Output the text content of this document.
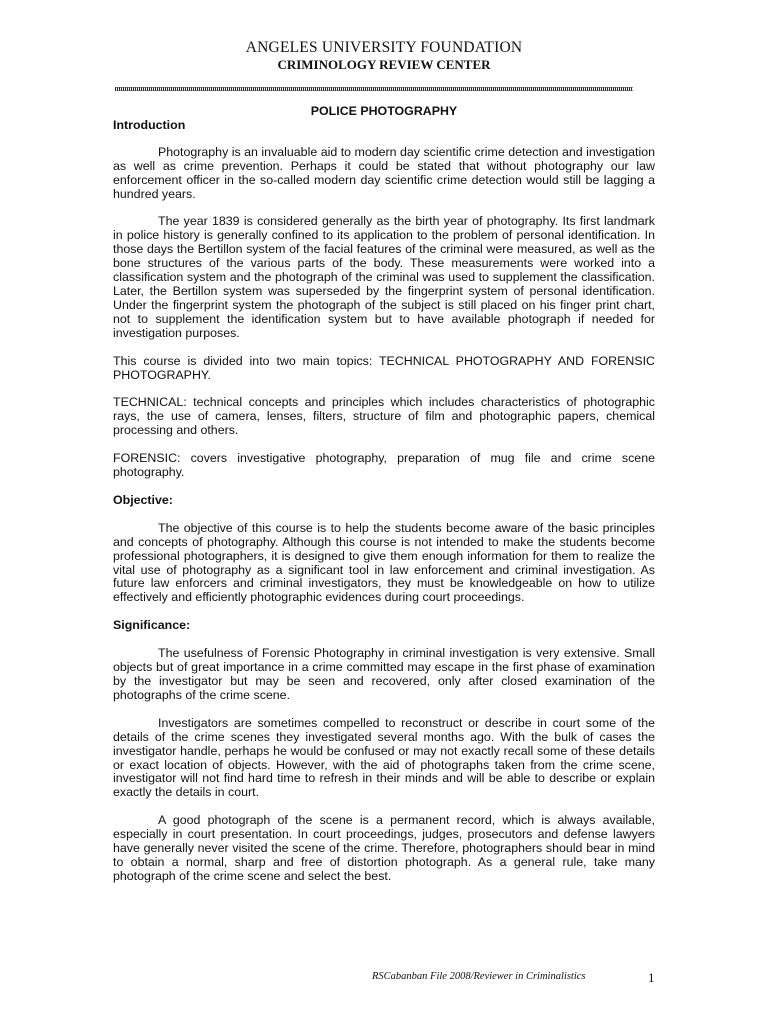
ANGELES UNIVERSITY FOUNDATION
CRIMINOLOGY REVIEW CENTER
POLICE PHOTOGRAPHY
Introduction

Photography is an invaluable aid to modern day scientific crime detection and investigation as well as crime prevention. Perhaps it could be stated that without photography our law enforcement officer in the so-called modern day scientific crime detection would still be lagging a hundred years.

The year 1839 is considered generally as the birth year of photography. Its first landmark in police history is generally confined to its application to the problem of personal identification. In those days the Bertillon system of the facial features of the criminal were measured, as well as the bone structures of the various parts of the body. These measurements were worked into a classification system and the photograph of the criminal was used to supplement the classification. Later, the Bertillon system was superseded by the fingerprint system of personal identification. Under the fingerprint system the photograph of the subject is still placed on his finger print chart, not to supplement the identification system but to have available photograph if needed for investigation purposes.

This course is divided into two main topics: TECHNICAL PHOTOGRAPHY AND FORENSIC PHOTOGRAPHY.

TECHNICAL: technical concepts and principles which includes characteristics of photographic rays, the use of camera, lenses, filters, structure of film and photographic papers, chemical processing and others.

FORENSIC: covers investigative photography, preparation of mug file and crime scene photography.

Objective:

The objective of this course is to help the students become aware of the basic principles and concepts of photography. Although this course is not intended to make the students become professional photographers, it is designed to give them enough information for them to realize the vital use of photography as a significant tool in law enforcement and criminal investigation. As future law enforcers and criminal investigators, they must be knowledgeable on how to utilize effectively and efficiently photographic evidences during court proceedings.

Significance:

The usefulness of Forensic Photography in criminal investigation is very extensive. Small objects but of great importance in a crime committed may escape in the first phase of examination by the investigator but may be seen and recovered, only after closed examination of the photographs of the crime scene.

Investigators are sometimes compelled to reconstruct or describe in court some of the details of the crime scenes they investigated several months ago. With the bulk of cases the investigator handle, perhaps he would be confused or may not exactly recall some of these details or exact location of objects. However, with the aid of photographs taken from the crime scene, investigator will not find hard time to refresh in their minds and will be able to describe or explain exactly the details in court.

A good photograph of the scene is a permanent record, which is always available, especially in court presentation. In court proceedings, judges, prosecutors and defense lawyers have generally never visited the scene of the crime. Therefore, photographers should bear in mind to obtain a normal, sharp and free of distortion photograph. As a general rule, take many photograph of the crime scene and select the best.

RSCabanban File 2008/Reviewer in Criminalistics	1
